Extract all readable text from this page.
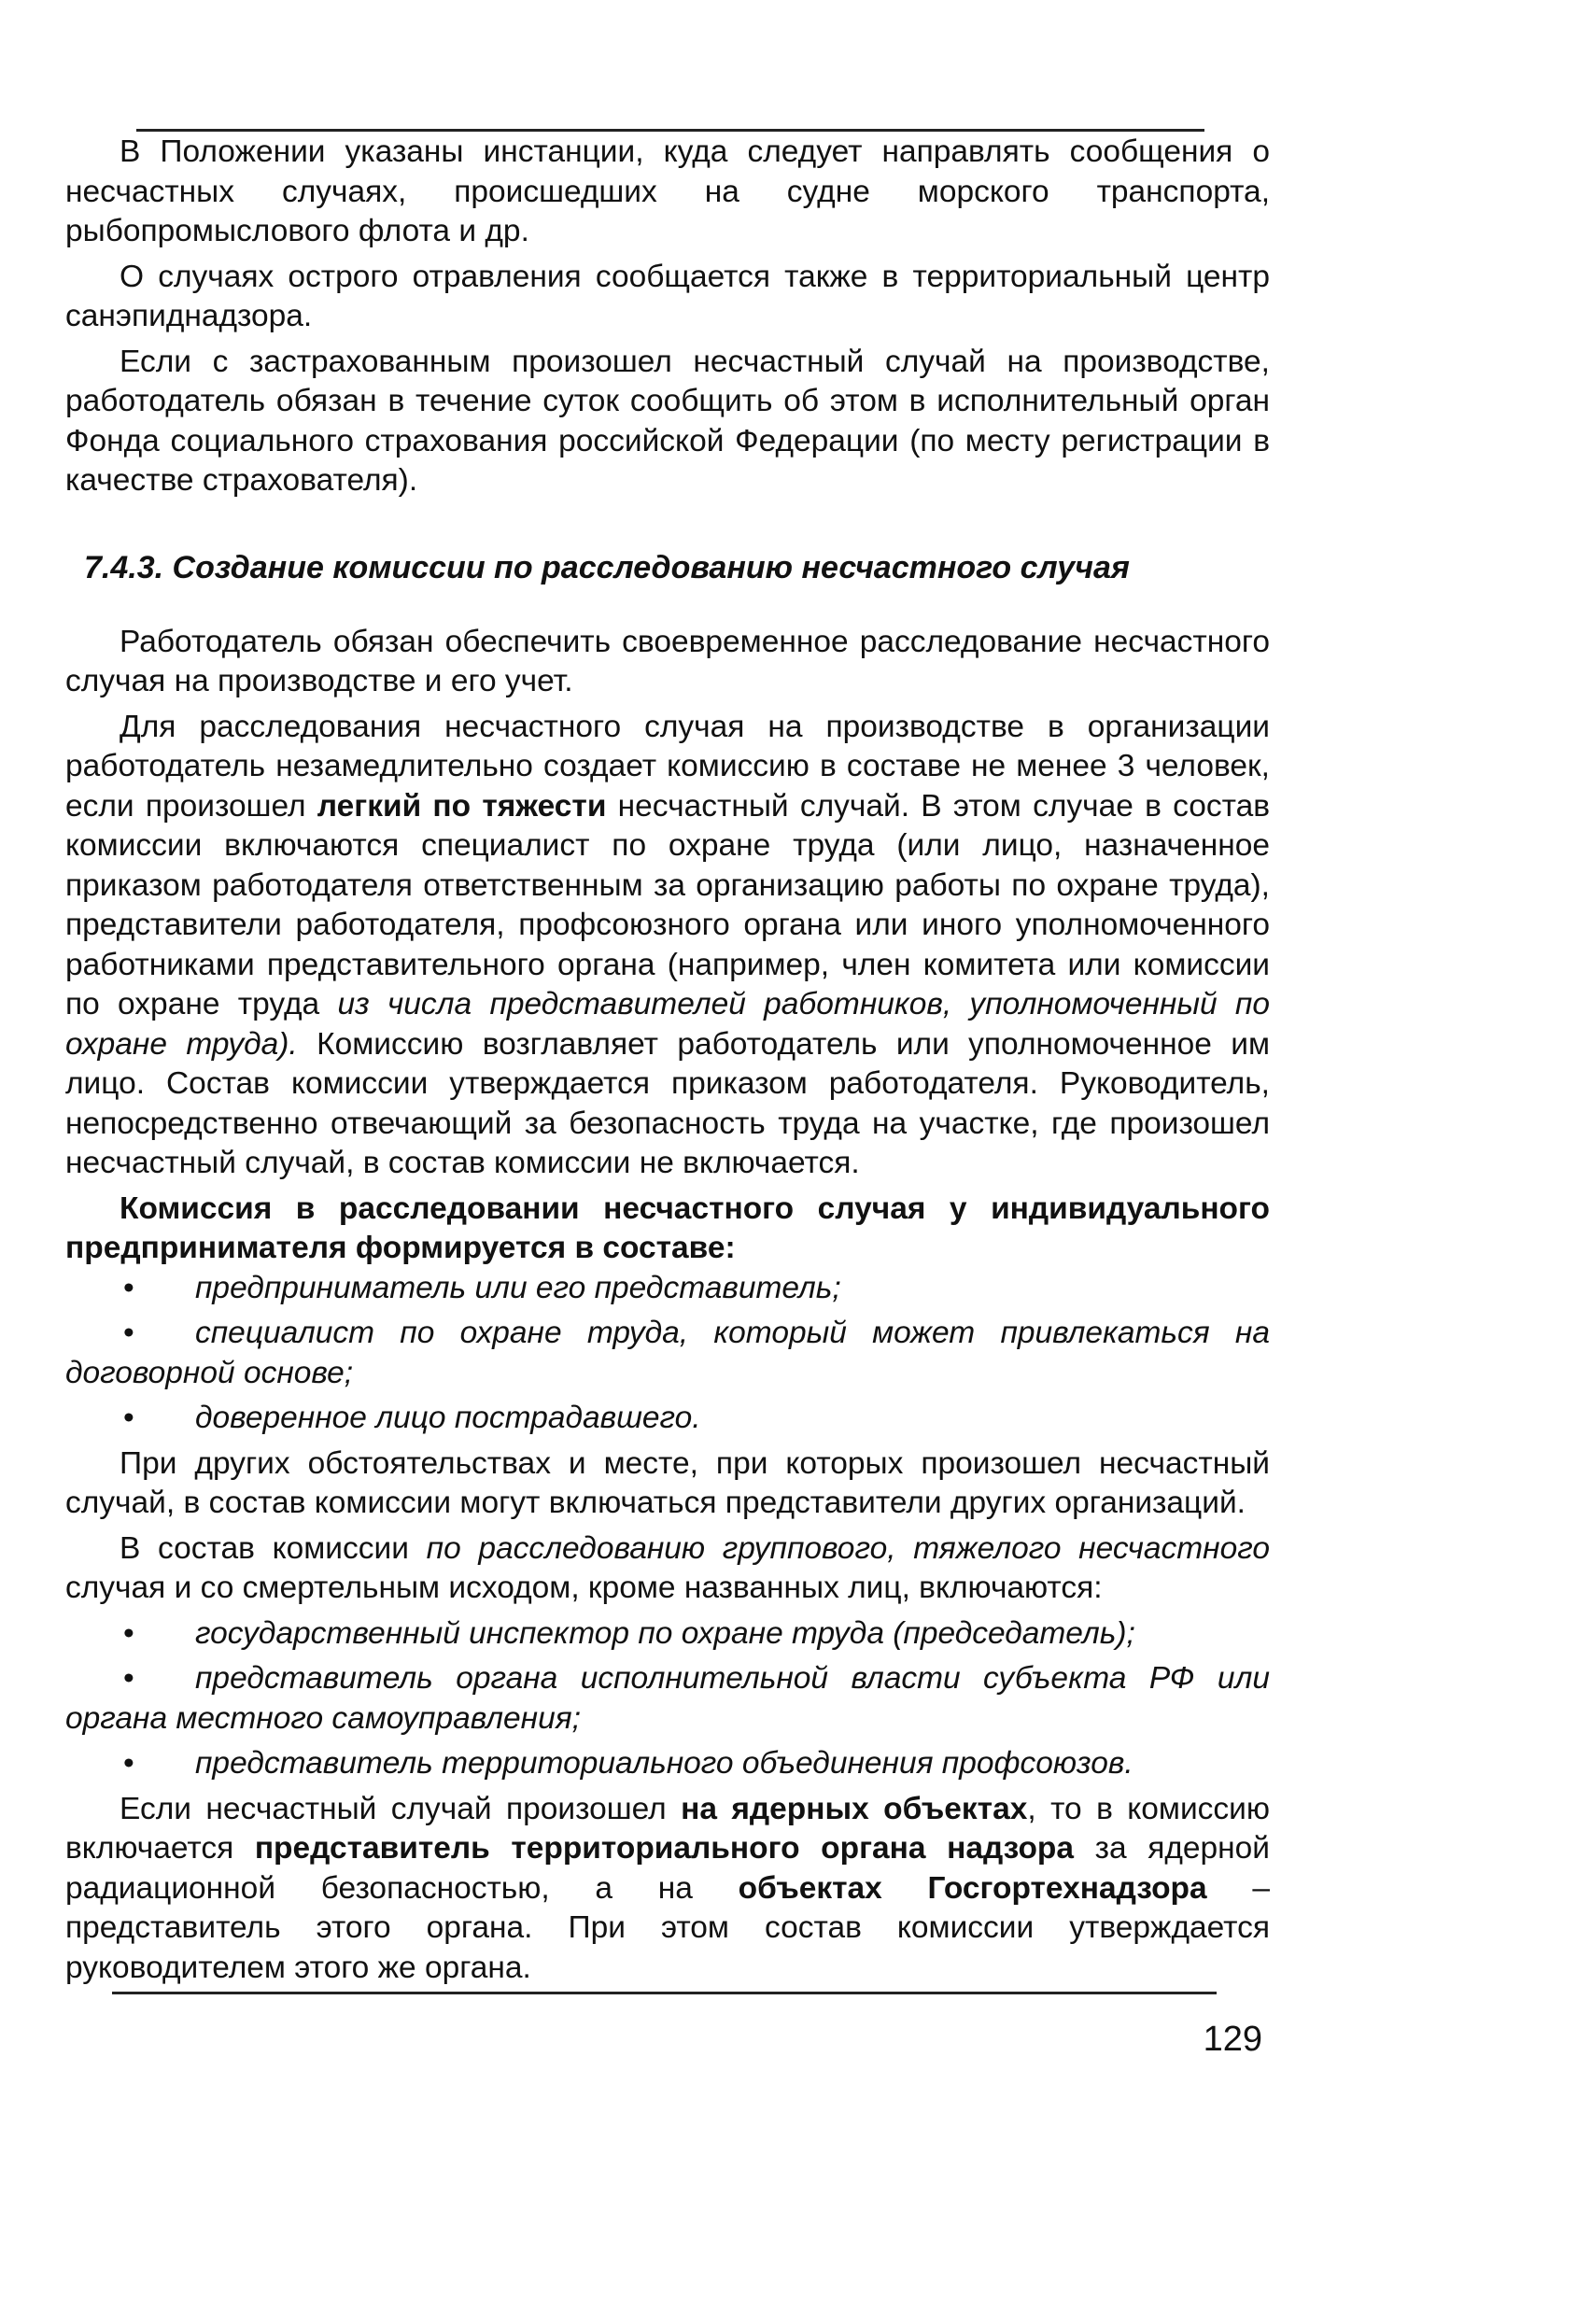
В Положении указаны инстанции, куда следует направлять сообщения о несчастных случаях, происшедших на судне морского транспорта, рыбопромыслового флота и др.

О случаях острого отравления сообщается также в территориальный центр санэпиднадзора.

Если с застрахованным произошел несчастный случай на производстве, работодатель обязан в течение суток сообщить об этом в исполнительный орган Фонда социального страхования российской Федерации (по месту регистрации в качестве страхователя).

7.4.3. Создание комиссии по расследованию несчастного случая

Работодатель обязан обеспечить своевременное расследование несчастного случая на производстве и его учет.

Для расследования несчастного случая на производстве в организации работодатель незамедлительно создает комиссию в составе не менее 3 человек, если произошел легкий по тяжести несчастный случай. В этом случае в состав комиссии включаются специалист по охране труда (или лицо, назначенное приказом работодателя ответственным за организацию работы по охране труда), представители работодателя, профсоюзного органа или иного уполномоченного работниками представительного органа (например, член комитета или комиссии по охране труда из числа представителей работников, уполномоченный по охране труда). Комиссию возглавляет работодатель или уполномоченное им лицо. Состав комиссии утверждается приказом работодателя. Руководитель, непосредственно отвечающий за безопасность труда на участке, где произошел несчастный случай, в состав комиссии не включается.

Комиссия в расследовании несчастного случая у индивидуального предпринимателя формируется в составе:

• предприниматель или его представитель;
• специалист по охране труда, который может привлекаться на договорной основе;
• доверенное лицо пострадавшего.

При других обстоятельствах и месте, при которых произошел несчастный случай, в состав комиссии могут включаться представители других организаций.

В состав комиссии по расследованию группового, тяжелого несчастного случая и со смертельным исходом, кроме названных лиц, включаются:

• государственный инспектор по охране труда (председатель);
• представитель органа исполнительной власти субъекта РФ или органа местного самоуправления;
• представитель территориального объединения профсоюзов.

Если несчастный случай произошел на ядерных объектах, то в комиссию включается представитель территориального органа надзора за ядерной радиационной безопасностью, а на объектах Госгортехнадзора – представитель этого органа. При этом состав комиссии утверждается руководителем этого же органа.

129
